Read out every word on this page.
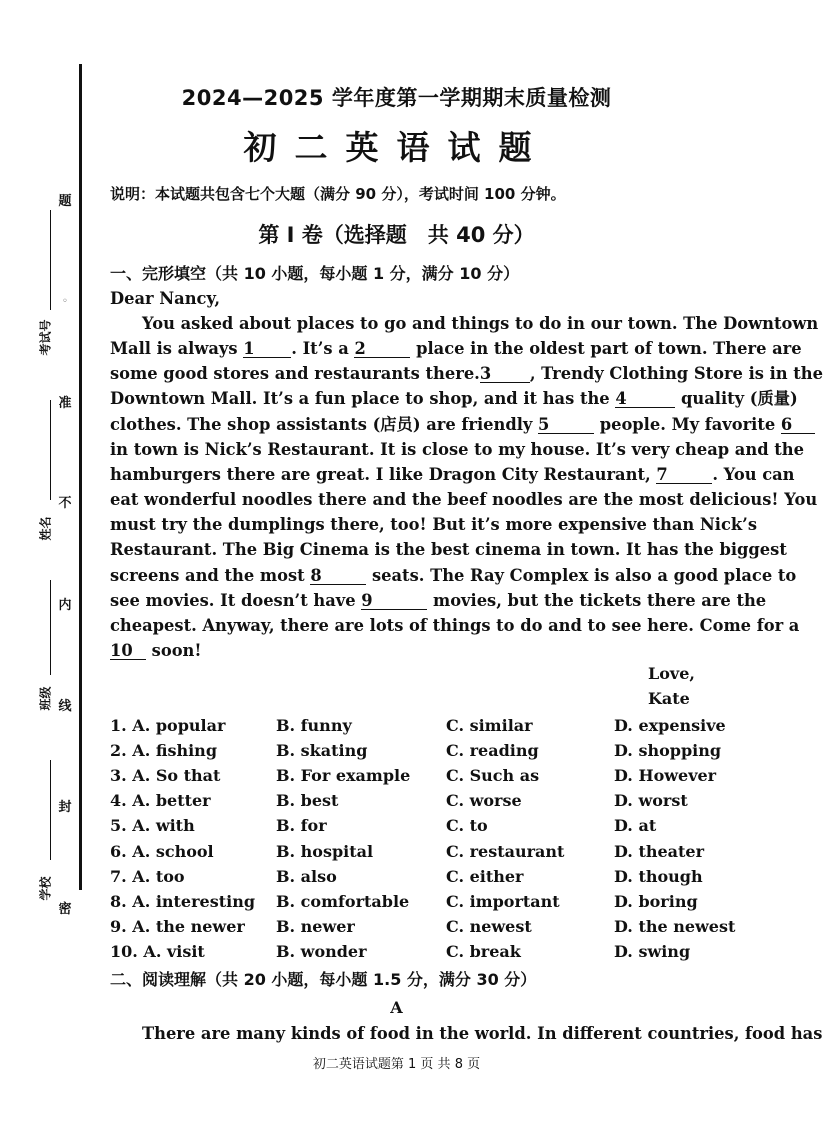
题
◦
准
不
内
线
封
密
考试号
姓名
班级
学校
2024—2025 学年度第一学期期末质量检测
初二英语试题
说明：本试题共包含七个大题（满分 90 分），考试时间 100 分钟。
第 I 卷（选择题　共 40 分）
一、完形填空（共 10 小题，每小题 1 分，满分 10 分）
Dear Nancy,
You asked about places to go and things to do in our town. The Downtown
Mall is always 1 . It’s a 2	place in the oldest part of town. There are
some good stores and restaurants there.3 , Trendy Clothing Store is in the
Downtown Mall. It’s a fun place to shop, and it has the 4	quality (质量)
clothes. The shop assistants (店员) are friendly 5	people. My favorite 6
in town is Nick’s Restaurant. It is close to my house. It’s very cheap and the
hamburgers there are great. I like Dragon City Restaurant, 7	. You can
eat wonderful noodles there and the beef noodles are the most delicious! You
must try the dumplings there, too! But it’s more expensive than Nick’s
Restaurant. The Big Cinema is the best cinema in town. It has the biggest
screens and the most 8	seats. The Ray Complex is also a good place to
see movies. It doesn’t have 9	movies, but the tickets there are the
cheapest. Anyway, there are lots of things to do and to see here. Come for a
10 soon!
Love,
Kate
1. A. popular	B. funny	C. similar	D. expensive
2. A. fishing	B. skating	C. reading	D. shopping
3. A. So that	B. For example C. Such as	D. However
4. A. better	B. best	C. worse	D. worst
5. A. with	B. for	C. to	D. at
6. A. school	B. hospital	C. restaurant	D. theater
7. A. too	B. also	C. either	D. though
8. A. interesting B. comfortable C. important	D. boring
9. A. the newer B. newer	C. newest	D. the newest
10. A. visit	B. wonder	C. break	D. swing
二、阅读理解（共 20 小题，每小题 1.5 分，满分 30 分）
A
There are many kinds of food in the world. In different countries, food has
初二英语试题第 1 页 共 8 页
